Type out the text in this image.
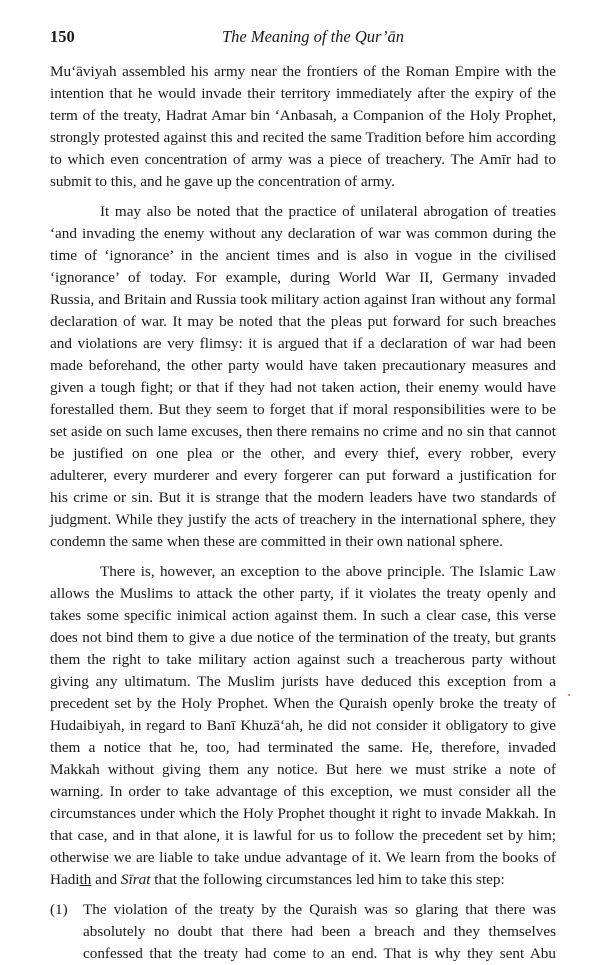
150	The Meaning of the Qur’ān
Mu‘āviyah assembled his army near the frontiers of the Roman Empire with the
intention that he would invade their territory immediately after the expiry of the
term of the treaty, Hadrat Amar bin ‘Anbasah, a Companion of the Holy Prophet,
strongly protested against this and recited the same Tradition before him according
to which even concentration of army was a piece of treachery. The Amīr had to
submit to this, and he gave up the concentration of army.
It may also be noted that the practice of unilateral abrogation of treaties
‘and invading the enemy without any declaration of war was common during the
time of ‘ignorance’ in the ancient times and is also in vogue in the civilised
‘ignorance’ of today. For example, during World War II, Germany invaded
Russia, and Britain and Russia took military action against Iran without any formal
declaration of war. It may be noted that the pleas put forward for such breaches
and violations are very flimsy: it is argued that if a declaration of war had been
made beforehand, the other party would have taken precautionary measures and
given a tough fight; or that if they had not taken action, their enemy would have
forestalled them. But they seem to forget that if moral responsibilities were to be
set aside on such lame excuses, then there remains no crime and no sin that cannot
be justified on one plea or the other, and every thief, every robber, every
adulterer, every murderer and every forgerer can put forward a justification for
his crime or sin. But it is strange that the modern leaders have two standards of
judgment. While they justify the acts of treachery in the international sphere, they
condemn the same when these are committed in their own national sphere.
There is, however, an exception to the above principle. The Islamic Law
allows the Muslims to attack the other party, if it violates the treaty openly and
takes some specific inimical action against them. In such a clear case, this verse
does not bind them to give a due notice of the termination of the treaty, but grants
them the right to take military action against such a treacherous party without
giving any ultimatum. The Muslim jurists have deduced this exception from a
precedent set by the Holy Prophet. When the Quraish openly broke the treaty of
Hudaibiyah, in regard to Banī Khuzā‘ah, he did not consider it obligatory to give
them a notice that he, too, had terminated the same. He, therefore, invaded
Makkah without giving them any notice. But here we must strike a note of
warning. In order to take advantage of this exception, we must consider all the
circumstances under which the Holy Prophet thought it right to invade Makkah. In
that case, and in that alone, it is lawful for us to follow the precedent set by him;
otherwise we are liable to take undue advantage of it. We learn from the books of
Hadith and Sīrat that the following circumstances led him to take this step:
(1) The violation of the treaty by the Quraish was so glaring that there was
absolutely no doubt that there had been a breach and they themselves
confessed that the treaty had come to an end. That is why they sent Abu
